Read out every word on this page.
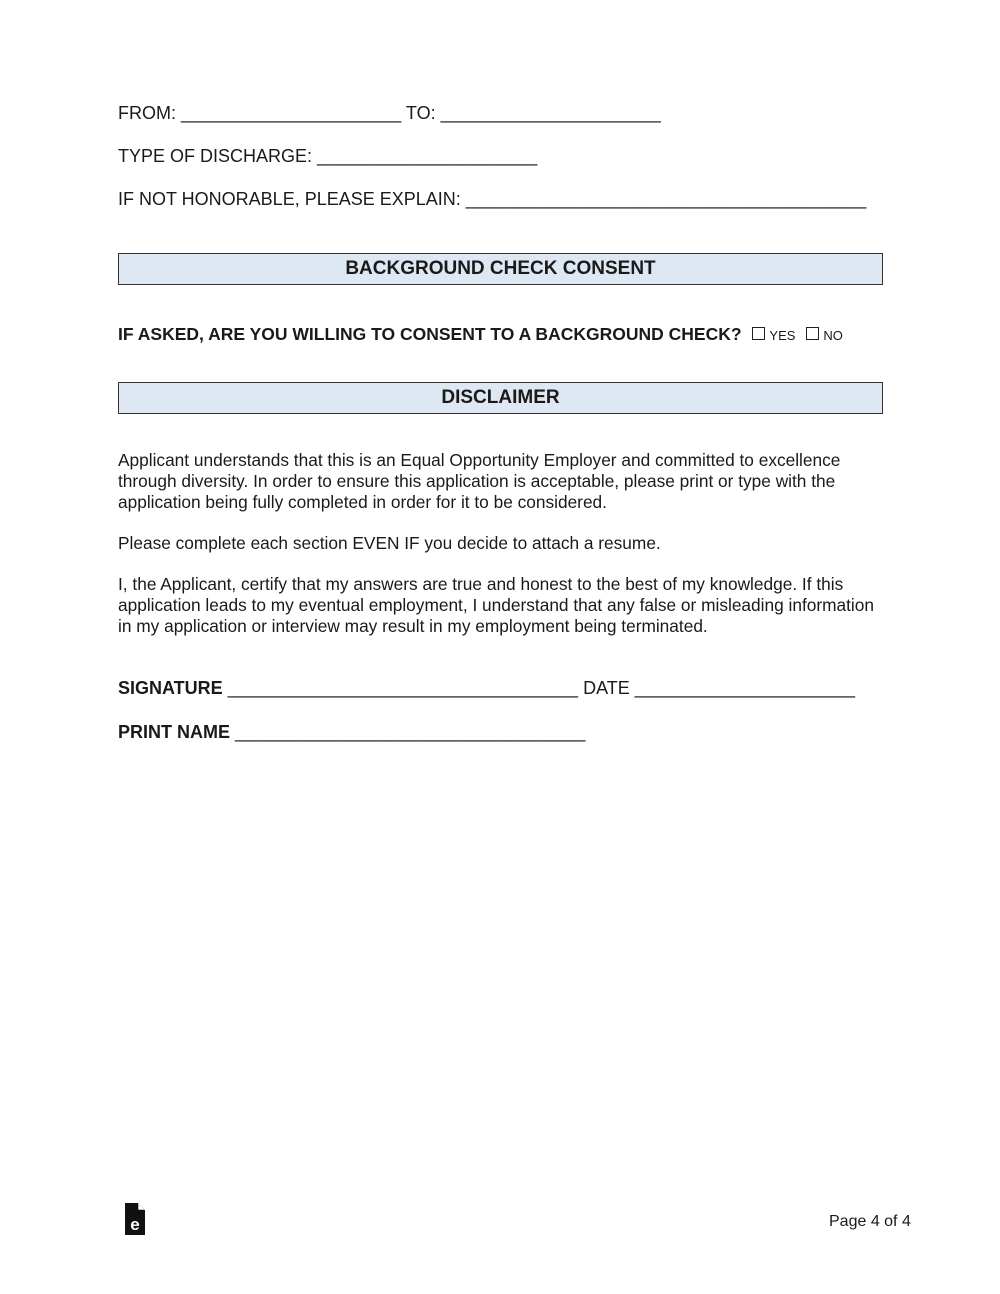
FROM: ______________________ TO: ______________________
TYPE OF DISCHARGE: ______________________
IF NOT HONORABLE, PLEASE EXPLAIN: ________________________________________
BACKGROUND CHECK CONSENT
IF ASKED, ARE YOU WILLING TO CONSENT TO A BACKGROUND CHECK? YES NO
DISCLAIMER
Applicant understands that this is an Equal Opportunity Employer and committed to excellence through diversity. In order to ensure this application is acceptable, please print or type with the application being fully completed in order for it to be considered.
Please complete each section EVEN IF you decide to attach a resume.
I, the Applicant, certify that my answers are true and honest to the best of my knowledge. If this application leads to my eventual employment, I understand that any false or misleading information in my application or interview may result in my employment being terminated.
SIGNATURE ___________________________________ DATE ______________________
PRINT NAME ___________________________________
e	Page 4 of 4
